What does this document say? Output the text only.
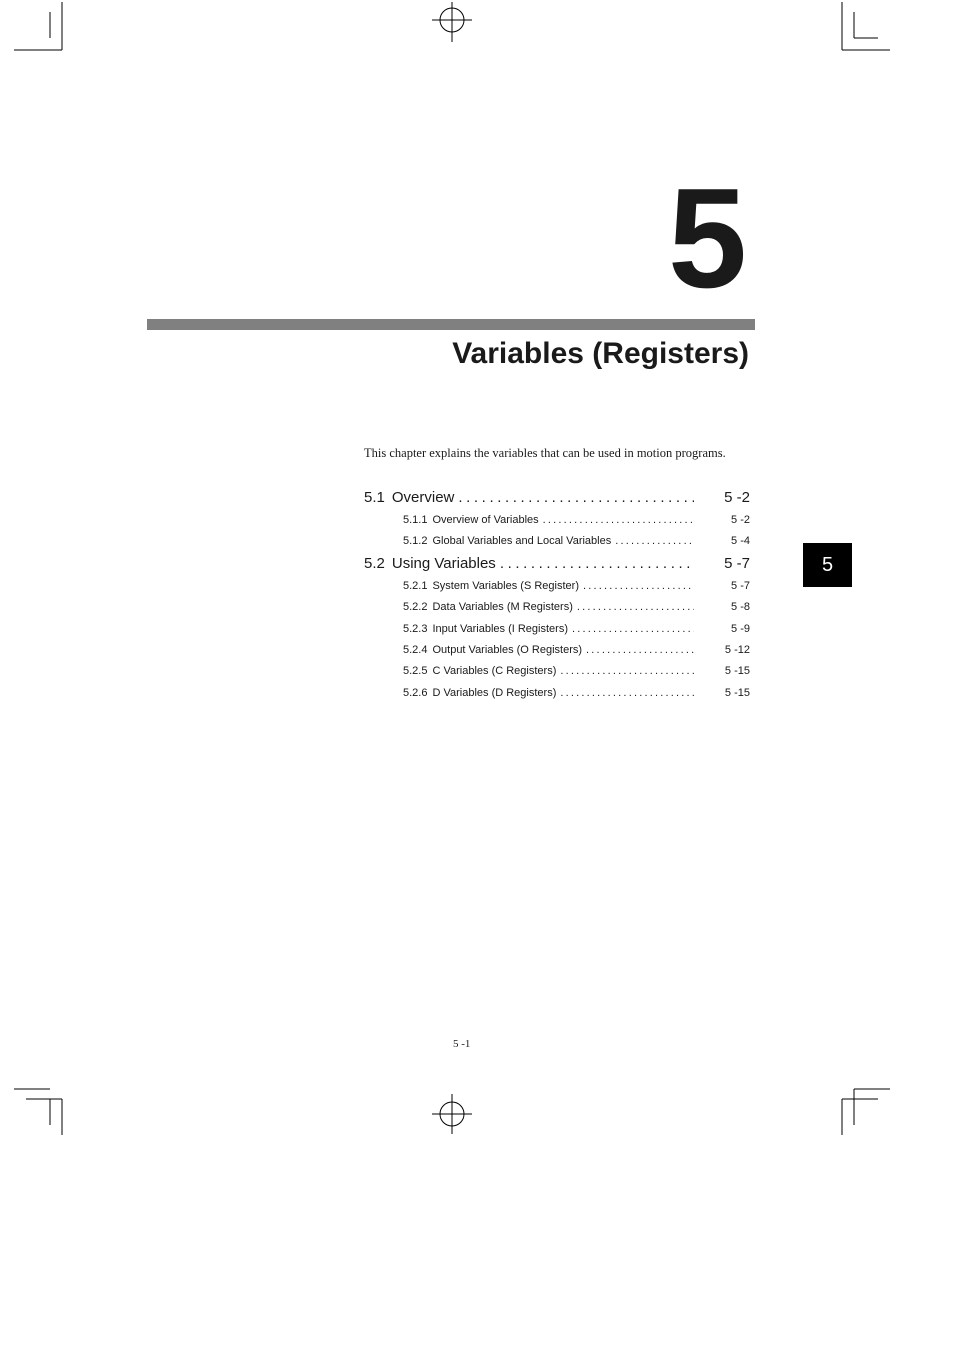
5
Variables (Registers)
This chapter explains the variables that can be used in motion programs.
5.1 Overview .....	5 -2
5.1.1 Overview of Variables .....	5 -2
5.1.2 Global Variables and Local Variables .....	5 -4
5.2 Using Variables .....	5 -7
5.2.1 System Variables (S Register) .....	5 -7
5.2.2 Data Variables (M Registers) .....	5 -8
5.2.3 Input Variables (I Registers) .....	5 -9
5.2.4 Output Variables (O Registers) .....	5 -12
5.2.5 C Variables (C Registers) .....	5 -15
5.2.6 D Variables (D Registers) .....	5 -15
5
5 -1
